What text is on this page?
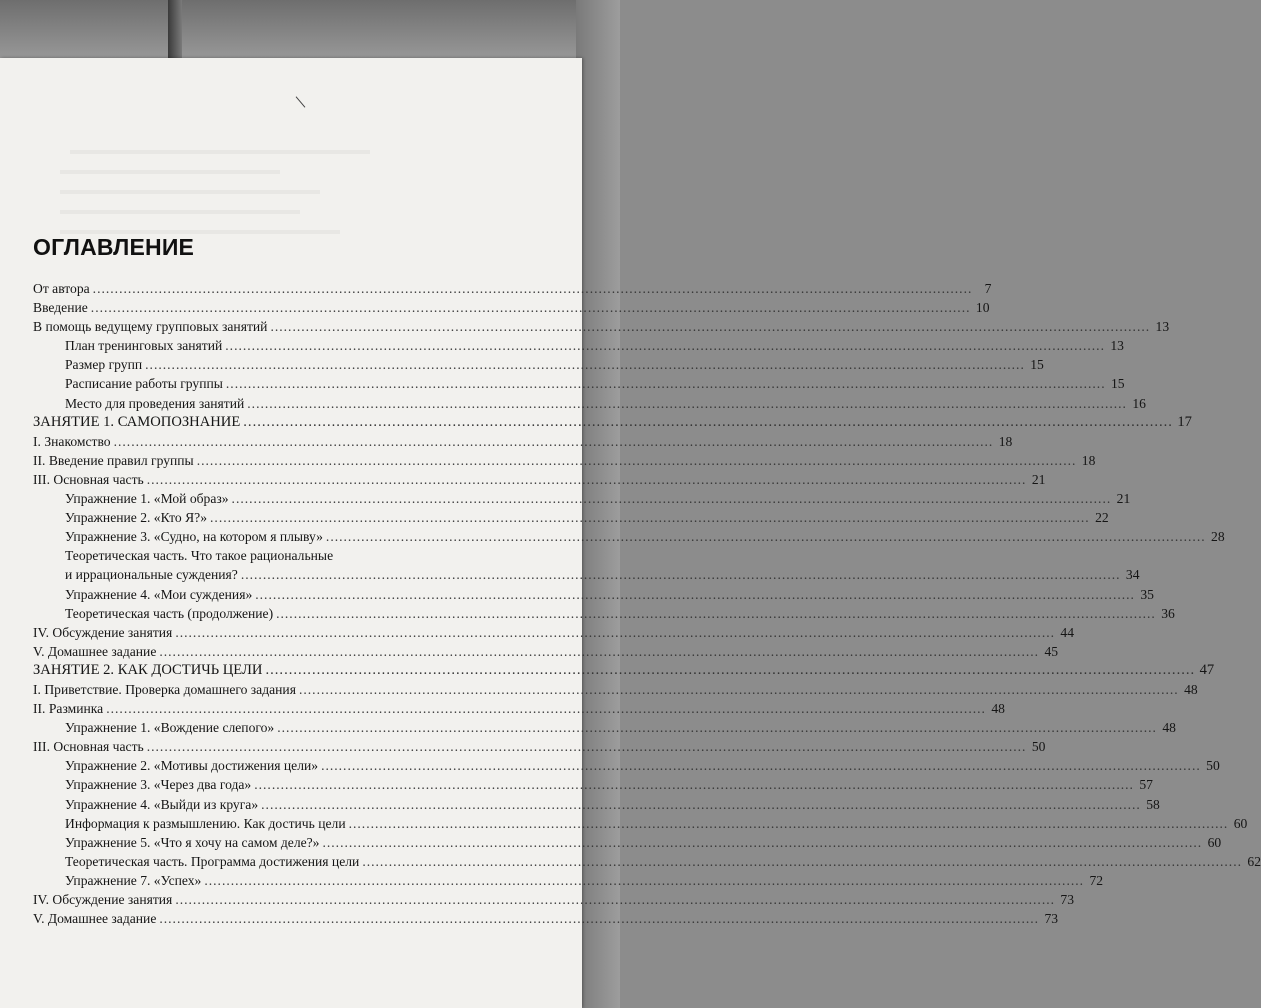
ОГЛАВЛЕНИЕ
От автора ........................................................................................................................................................................................................ 7
Введение ........................................................................................................................................................................................................ 10
В помощь ведущему групповых занятий ........................................................................................................................................................................................................ 13
План тренинговых занятий ........................................................................................................................................................................................................ 13
Размер групп ........................................................................................................................................................................................................ 15
Расписание работы группы ........................................................................................................................................................................................................ 15
Место для проведения занятий ........................................................................................................................................................................................................ 16
ЗАНЯТИЕ 1. САМОПОЗНАНИЕ ........................................................................................................................................................................................................ 17
I. Знакомство ........................................................................................................................................................................................................ 18
II. Введение правил группы ........................................................................................................................................................................................................ 18
III. Основная часть ........................................................................................................................................................................................................ 21
Упражнение 1. «Мой образ» ........................................................................................................................................................................................................ 21
Упражнение 2. «Кто Я?» ........................................................................................................................................................................................................ 22
Упражнение 3. «Судно, на котором я плыву» ........................................................................................................................................................................................................ 28
Теоретическая часть. Что такое рациональные
и иррациональные суждения? ........................................................................................................................................................................................................ 34
Упражнение 4. «Мои суждения» ........................................................................................................................................................................................................ 35
Теоретическая часть (продолжение) ........................................................................................................................................................................................................ 36
IV. Обсуждение занятия ........................................................................................................................................................................................................ 44
V. Домашнее задание ........................................................................................................................................................................................................ 45
ЗАНЯТИЕ 2. КАК ДОСТИЧЬ ЦЕЛИ ........................................................................................................................................................................................................ 47
I. Приветствие. Проверка домашнего задания ........................................................................................................................................................................................................ 48
II. Разминка ........................................................................................................................................................................................................ 48
Упражнение 1. «Вождение слепого» ........................................................................................................................................................................................................ 48
III. Основная часть ........................................................................................................................................................................................................ 50
Упражнение 2. «Мотивы достижения цели» ........................................................................................................................................................................................................ 50
Упражнение 3. «Через два года» ........................................................................................................................................................................................................ 57
Упражнение 4. «Выйди из круга» ........................................................................................................................................................................................................ 58
Информация к размышлению. Как достичь цели ........................................................................................................................................................................................................ 60
Упражнение 5. «Что я хочу на самом деле?» ........................................................................................................................................................................................................ 60
Теоретическая часть. Программа достижения цели ........................................................................................................................................................................................................ 62
Упражнение 7. «Успех» ........................................................................................................................................................................................................ 72
IV. Обсуждение занятия ........................................................................................................................................................................................................ 73
V. Домашнее задание ........................................................................................................................................................................................................ 73
